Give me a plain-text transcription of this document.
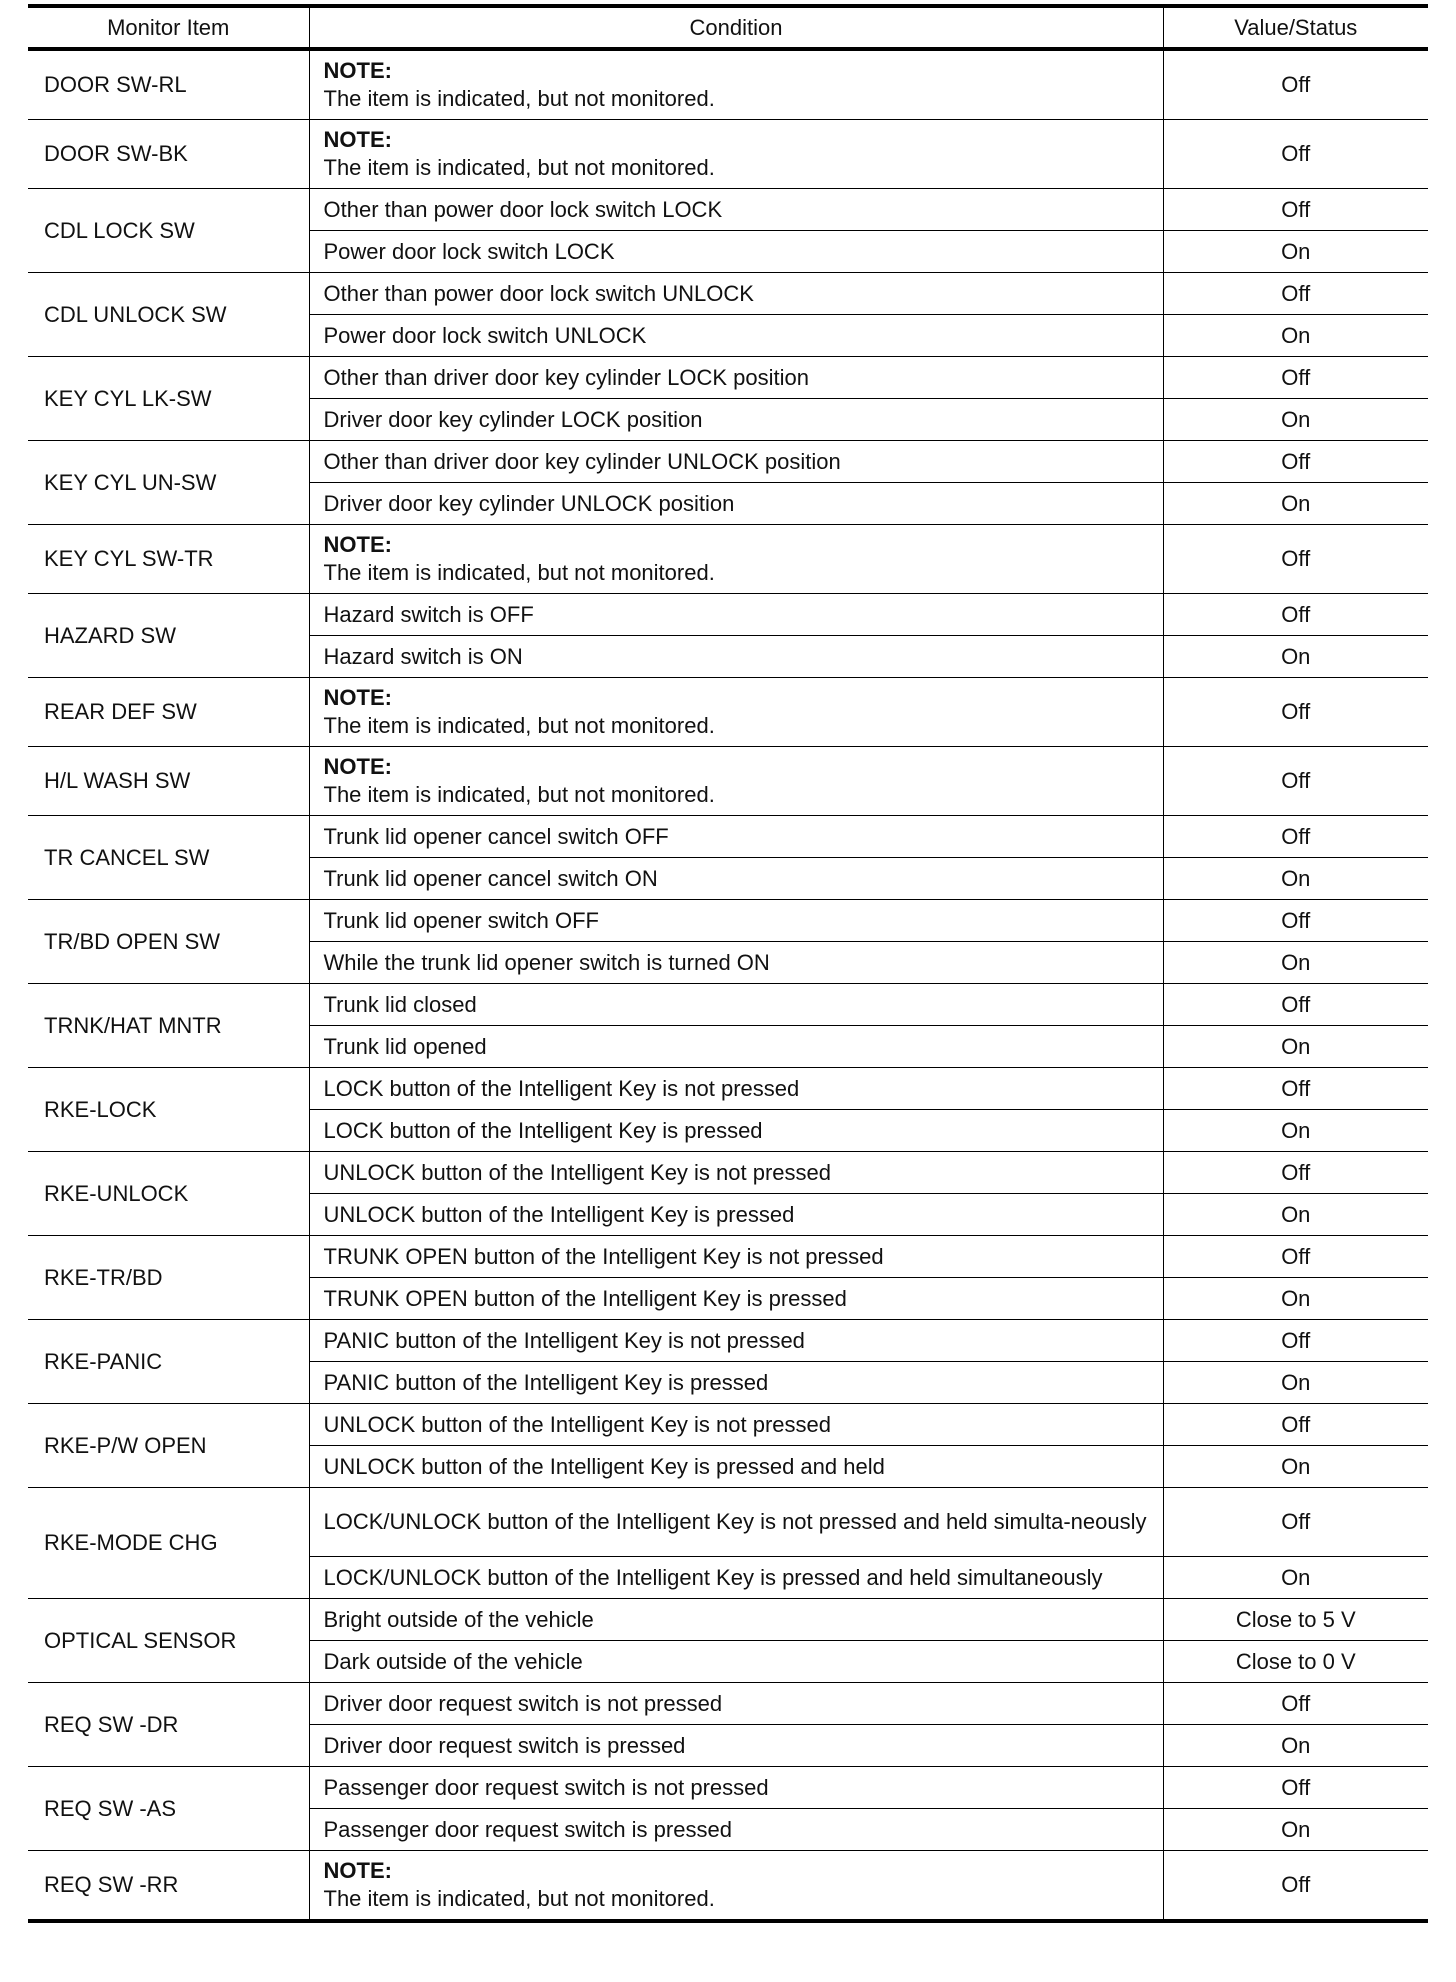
Monitor Item	Condition	Value/Status
DOOR SW-RL	NOTE:
The item is indicated, but not monitored.	Off
DOOR SW-BK	NOTE:
The item is indicated, but not monitored.	Off
CDL LOCK SW	Other than power door lock switch LOCK	Off
	Power door lock switch LOCK	On
CDL UNLOCK SW	Other than power door lock switch UNLOCK	Off
	Power door lock switch UNLOCK	On
KEY CYL LK-SW	Other than driver door key cylinder LOCK position	Off
	Driver door key cylinder LOCK position	On
KEY CYL UN-SW	Other than driver door key cylinder UNLOCK position	Off
	Driver door key cylinder UNLOCK position	On
KEY CYL SW-TR	NOTE:
The item is indicated, but not monitored.	Off
HAZARD SW	Hazard switch is OFF	Off
	Hazard switch is ON	On
REAR DEF SW	NOTE:
The item is indicated, but not monitored.	Off
H/L WASH SW	NOTE:
The item is indicated, but not monitored.	Off
TR CANCEL SW	Trunk lid opener cancel switch OFF	Off
	Trunk lid opener cancel switch ON	On
TR/BD OPEN SW	Trunk lid opener switch OFF	Off
	While the trunk lid opener switch is turned ON	On
TRNK/HAT MNTR	Trunk lid closed	Off
	Trunk lid opened	On
RKE-LOCK	LOCK button of the Intelligent Key is not pressed	Off
	LOCK button of the Intelligent Key is pressed	On
RKE-UNLOCK	UNLOCK button of the Intelligent Key is not pressed	Off
	UNLOCK button of the Intelligent Key is pressed	On
RKE-TR/BD	TRUNK OPEN button of the Intelligent Key is not pressed	Off
	TRUNK OPEN button of the Intelligent Key is pressed	On
RKE-PANIC	PANIC button of the Intelligent Key is not pressed	Off
	PANIC button of the Intelligent Key is pressed	On
RKE-P/W OPEN	UNLOCK button of the Intelligent Key is not pressed	Off
	UNLOCK button of the Intelligent Key is pressed and held	On
RKE-MODE CHG	LOCK/UNLOCK button of the Intelligent Key is not pressed and held simulta-neously	Off
	LOCK/UNLOCK button of the Intelligent Key is pressed and held simultaneously	On
OPTICAL SENSOR	Bright outside of the vehicle	Close to 5 V
	Dark outside of the vehicle	Close to 0 V
REQ SW -DR	Driver door request switch is not pressed	Off
	Driver door request switch is pressed	On
REQ SW -AS	Passenger door request switch is not pressed	Off
	Passenger door request switch is pressed	On
REQ SW -RR	NOTE:
The item is indicated, but not monitored.	Off
